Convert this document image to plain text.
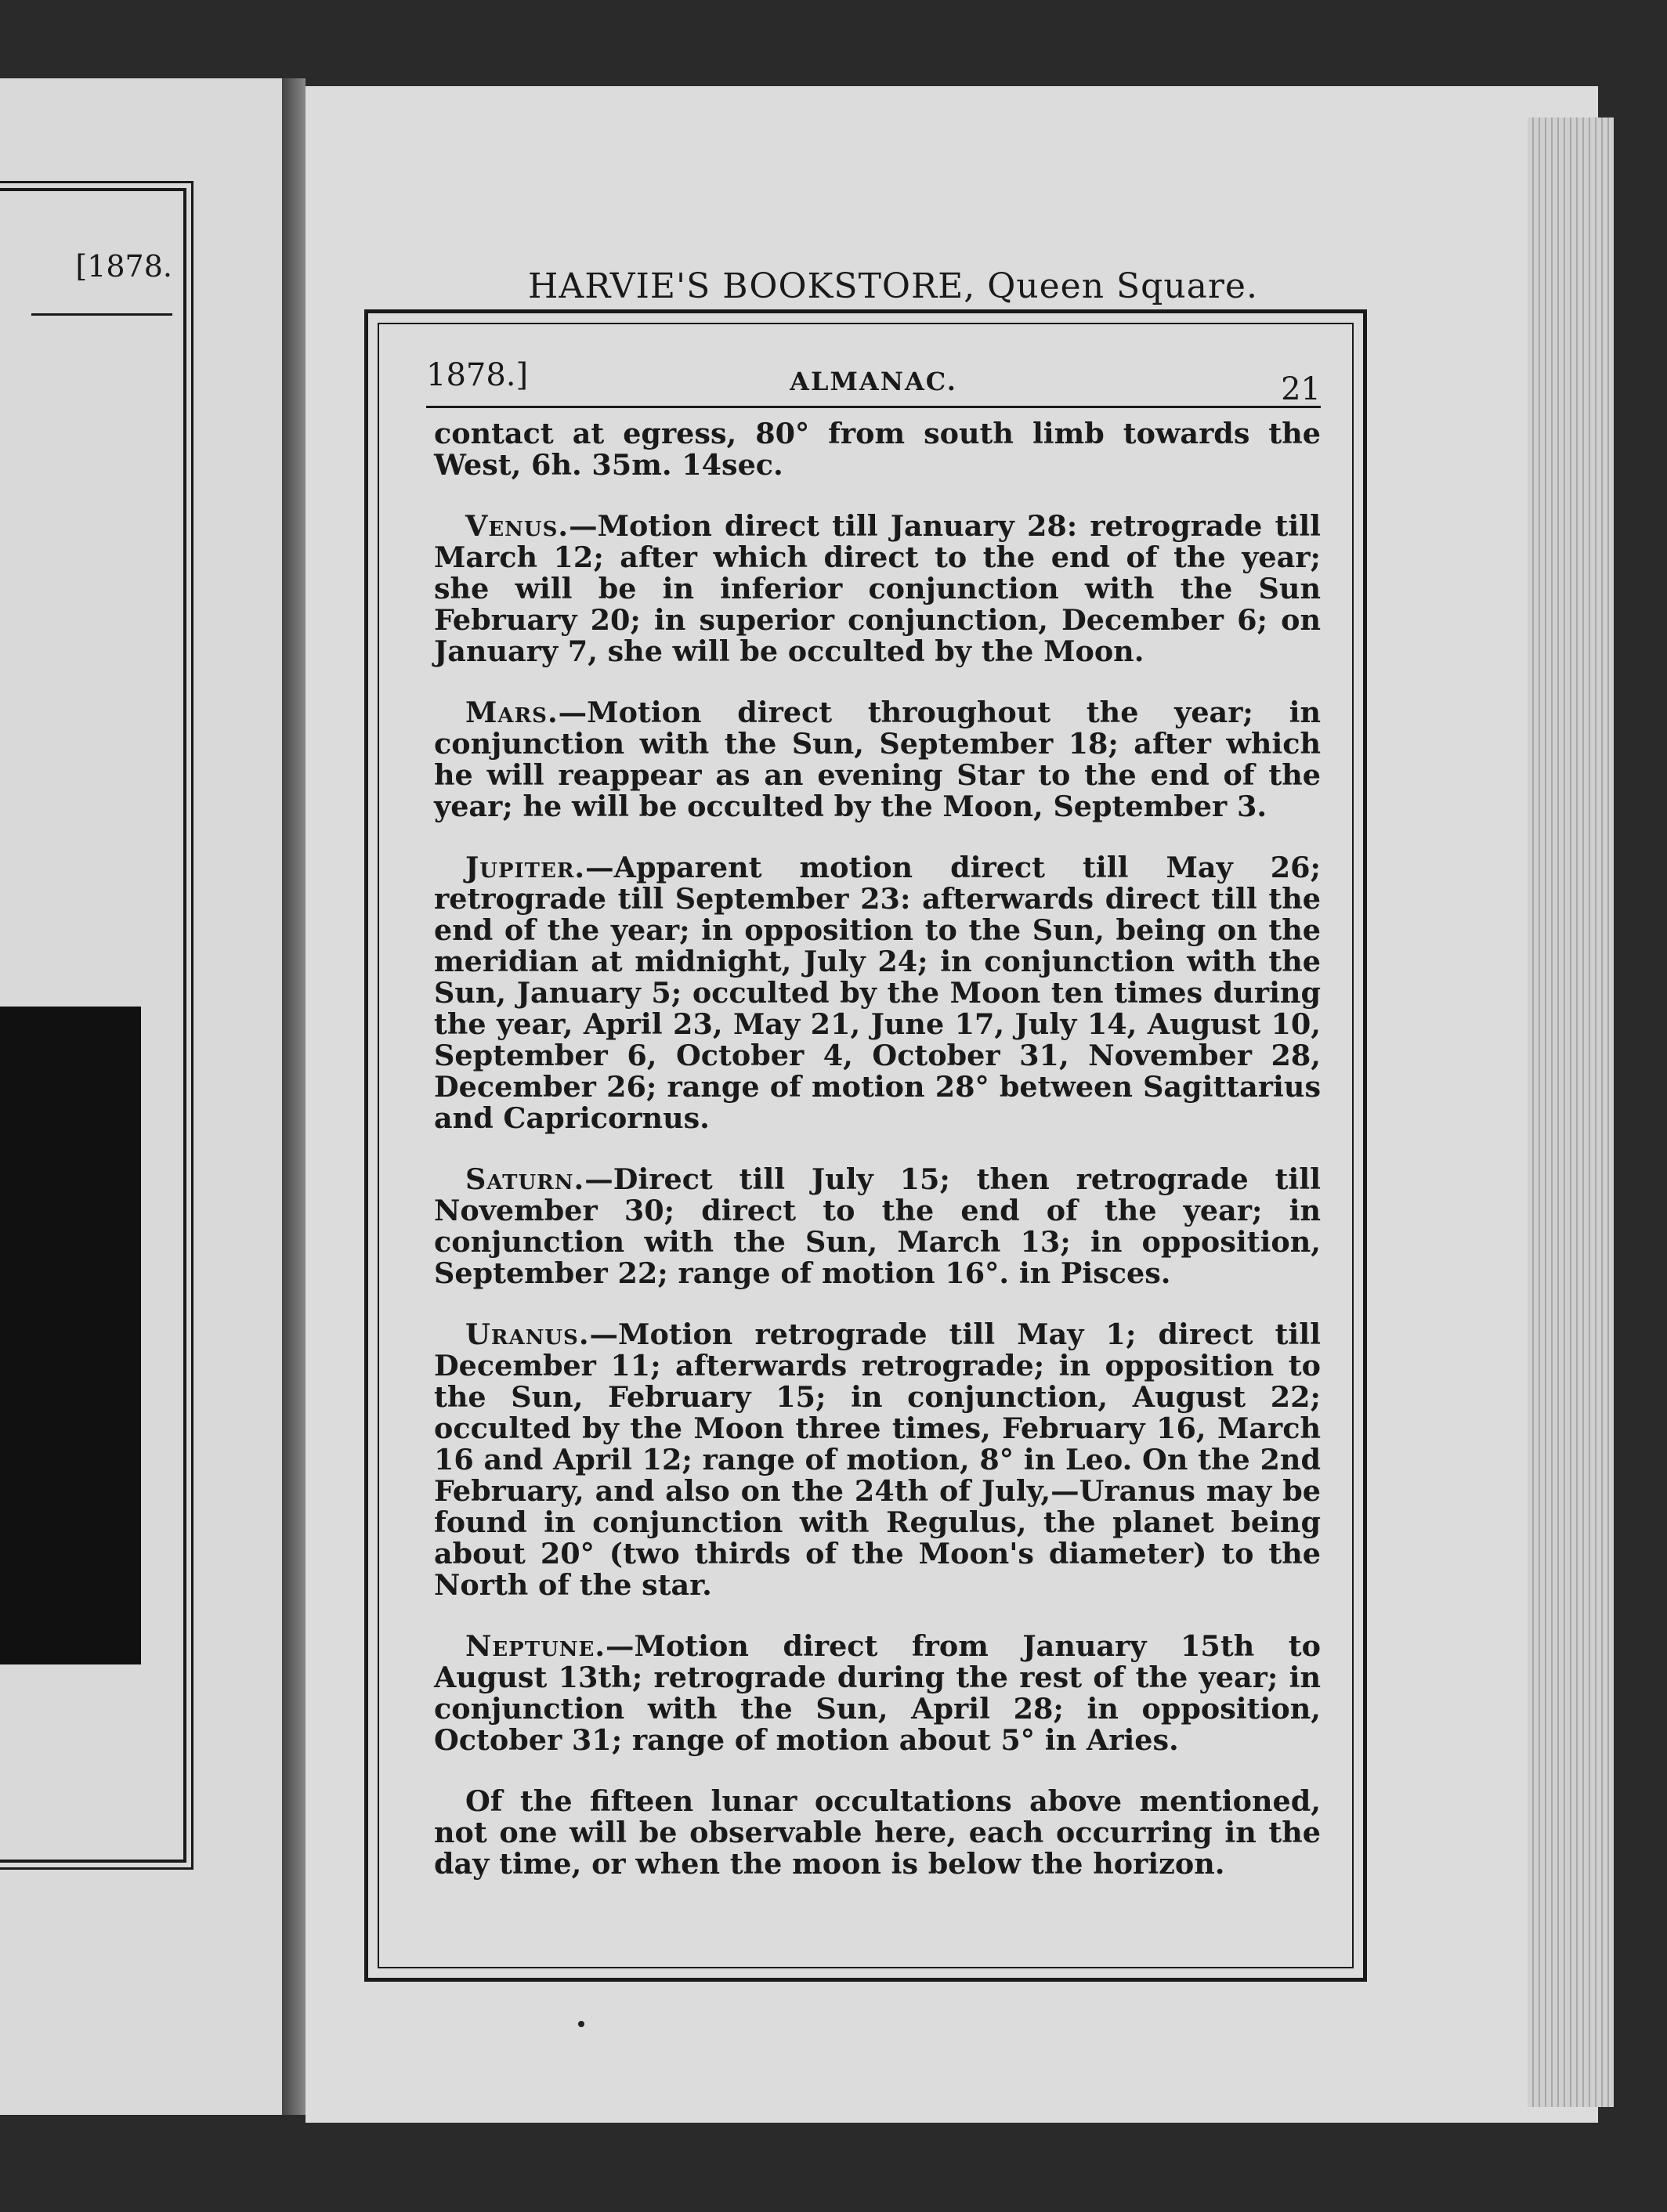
[1878.
	HARVIE'S BOOKSTORE, Queen Square.
1878.]	ALMANAC.	21

contact at egress, 80° from south limb towards the West, 6h. 35m. 14sec.

Venus.—Motion direct till January 28: retrograde till March 12; after which direct to the end of the year; she will be in inferior conjunction with the Sun February 20; in superior conjunction, December 6; on January 7, she will be occulted by the Moon.

Mars.—Motion direct throughout the year; in conjunction with the Sun, September 18; after which he will reappear as an evening Star to the end of the year; he will be occulted by the Moon, September 3.

Jupiter.—Apparent motion direct till May 26; retrograde till September 23: afterwards direct till the end of the year; in opposition to the Sun, being on the meridian at midnight, July 24; in conjunction with the Sun, January 5; occulted by the Moon ten times during the year, April 23, May 21, June 17, July 14, August 10, September 6, October 4, October 31, November 28, December 26; range of motion 28° between Sagittarius and Capricornus.

Saturn.—Direct till July 15; then retrograde till November 30; direct to the end of the year; in conjunction with the Sun, March 13; in opposition, September 22; range of motion 16°. in Pisces.

Uranus.—Motion retrograde till May 1; direct till December 11; afterwards retrograde; in opposition to the Sun, February 15; in conjunction, August 22; occulted by the Moon three times, February 16, March 16 and April 12; range of motion, 8° in Leo. On the 2nd February, and also on the 24th of July,—Uranus may be found in conjunction with Regulus, the planet being about 20° (two thirds of the Moon's diameter) to the North of the star.

Neptune.—Motion direct from January 15th to August 13th; retrograde during the rest of the year; in conjunction with the Sun, April 28; in opposition, October 31; range of motion about 5° in Aries.

Of the fifteen lunar occultations above mentioned, not one will be observable here, each occurring in the day time, or when the moon is below the horizon.
